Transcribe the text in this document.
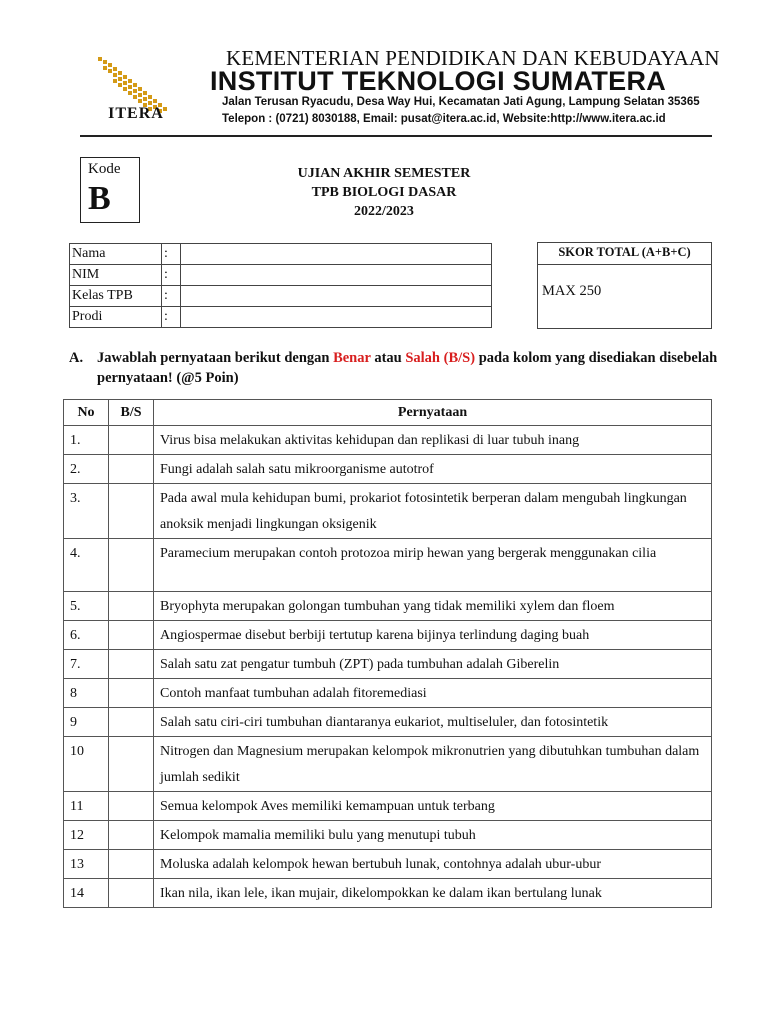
ITERA
KEMENTERIAN PENDIDIKAN DAN KEBUDAYAAN
INSTITUT TEKNOLOGI SUMATERA
Jalan Terusan Ryacudu, Desa Way Hui, Kecamatan Jati Agung, Lampung Selatan 35365
Telepon : (0721) 8030188, Email: pusat@itera.ac.id, Website:http://www.itera.ac.id
Kode
B
UJIAN AKHIR SEMESTER
TPB BIOLOGI DASAR
2022/2023
Nama	:	
NIM	:	
Kelas TPB	:	
Prodi	:	
SKOR TOTAL (A+B+C)
MAX 250
A. Jawablah pernyataan berikut dengan Benar atau Salah (B/S) pada kolom yang disediakan disebelah pernyataan! (@5 Poin)
No	B/S	Pernyataan
1.		Virus bisa melakukan aktivitas kehidupan dan replikasi di luar tubuh inang
2.		Fungi adalah salah satu mikroorganisme autotrof
3.		Pada awal mula kehidupan bumi, prokariot fotosintetik berperan dalam mengubah lingkungan anoksik menjadi lingkungan oksigenik
4.		Paramecium merupakan contoh protozoa mirip hewan yang bergerak menggunakan cilia
5.		Bryophyta merupakan golongan tumbuhan yang tidak memiliki xylem dan floem
6.		Angiospermae disebut berbiji tertutup karena bijinya terlindung daging buah
7.		Salah satu zat pengatur tumbuh (ZPT) pada tumbuhan adalah Giberelin
8		Contoh manfaat tumbuhan adalah fitoremediasi
9		Salah satu ciri-ciri tumbuhan diantaranya eukariot, multiseluler, dan fotosintetik
10		Nitrogen dan Magnesium merupakan kelompok mikronutrien yang dibutuhkan tumbuhan dalam jumlah sedikit
11		Semua kelompok Aves memiliki kemampuan untuk terbang
12		Kelompok mamalia memiliki bulu yang menutupi tubuh
13		Moluska adalah kelompok hewan bertubuh lunak, contohnya adalah ubur-ubur
14		Ikan nila, ikan lele, ikan mujair, dikelompokkan ke dalam ikan bertulang lunak
